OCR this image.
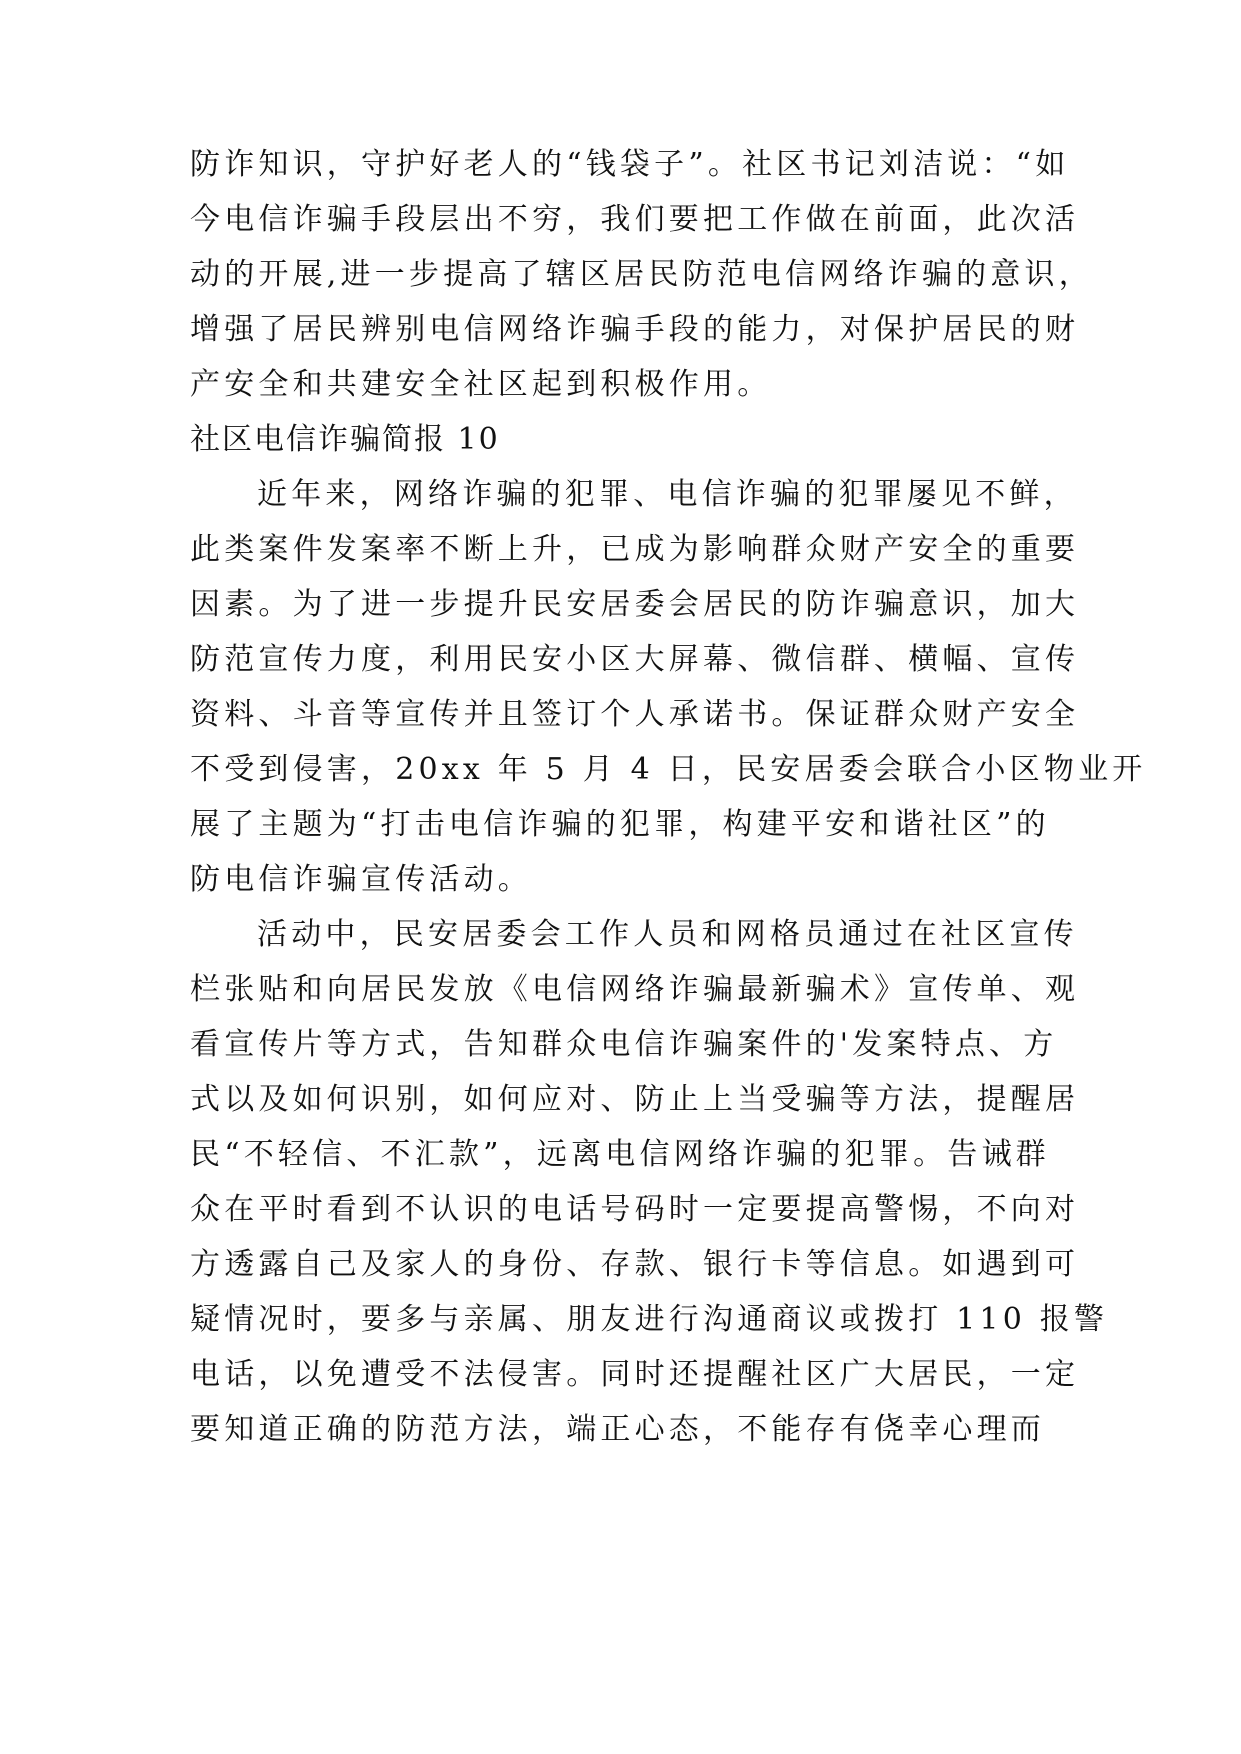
防诈知识，守护好老人的“钱袋子”。社区书记刘洁说：“如
今电信诈骗手段层出不穷，我们要把工作做在前面，此次活
动的开展,进一步提高了辖区居民防范电信网络诈骗的意识，
增强了居民辨别电信网络诈骗手段的能力，对保护居民的财
产安全和共建安全社区起到积极作用。
社区电信诈骗简报 10
近年来，网络诈骗的犯罪、电信诈骗的犯罪屡见不鲜，
此类案件发案率不断上升，已成为影响群众财产安全的重要
因素。为了进一步提升民安居委会居民的防诈骗意识，加大
防范宣传力度，利用民安小区大屏幕、微信群、横幅、宣传
资料、斗音等宣传并且签订个人承诺书。保证群众财产安全
不受到侵害，20xx 年 5 月 4 日，民安居委会联合小区物业开
展了主题为“打击电信诈骗的犯罪，构建平安和谐社区”的
防电信诈骗宣传活动。
活动中，民安居委会工作人员和网格员通过在社区宣传
栏张贴和向居民发放《电信网络诈骗最新骗术》宣传单、观
看宣传片等方式，告知群众电信诈骗案件的'发案特点、方
式以及如何识别，如何应对、防止上当受骗等方法，提醒居
民“不轻信、不汇款”，远离电信网络诈骗的犯罪。告诫群
众在平时看到不认识的电话号码时一定要提高警惕，不向对
方透露自己及家人的身份、存款、银行卡等信息。如遇到可
疑情况时，要多与亲属、朋友进行沟通商议或拨打 110 报警
电话，以免遭受不法侵害。同时还提醒社区广大居民，一定
要知道正确的防范方法，端正心态，不能存有侥幸心理而
